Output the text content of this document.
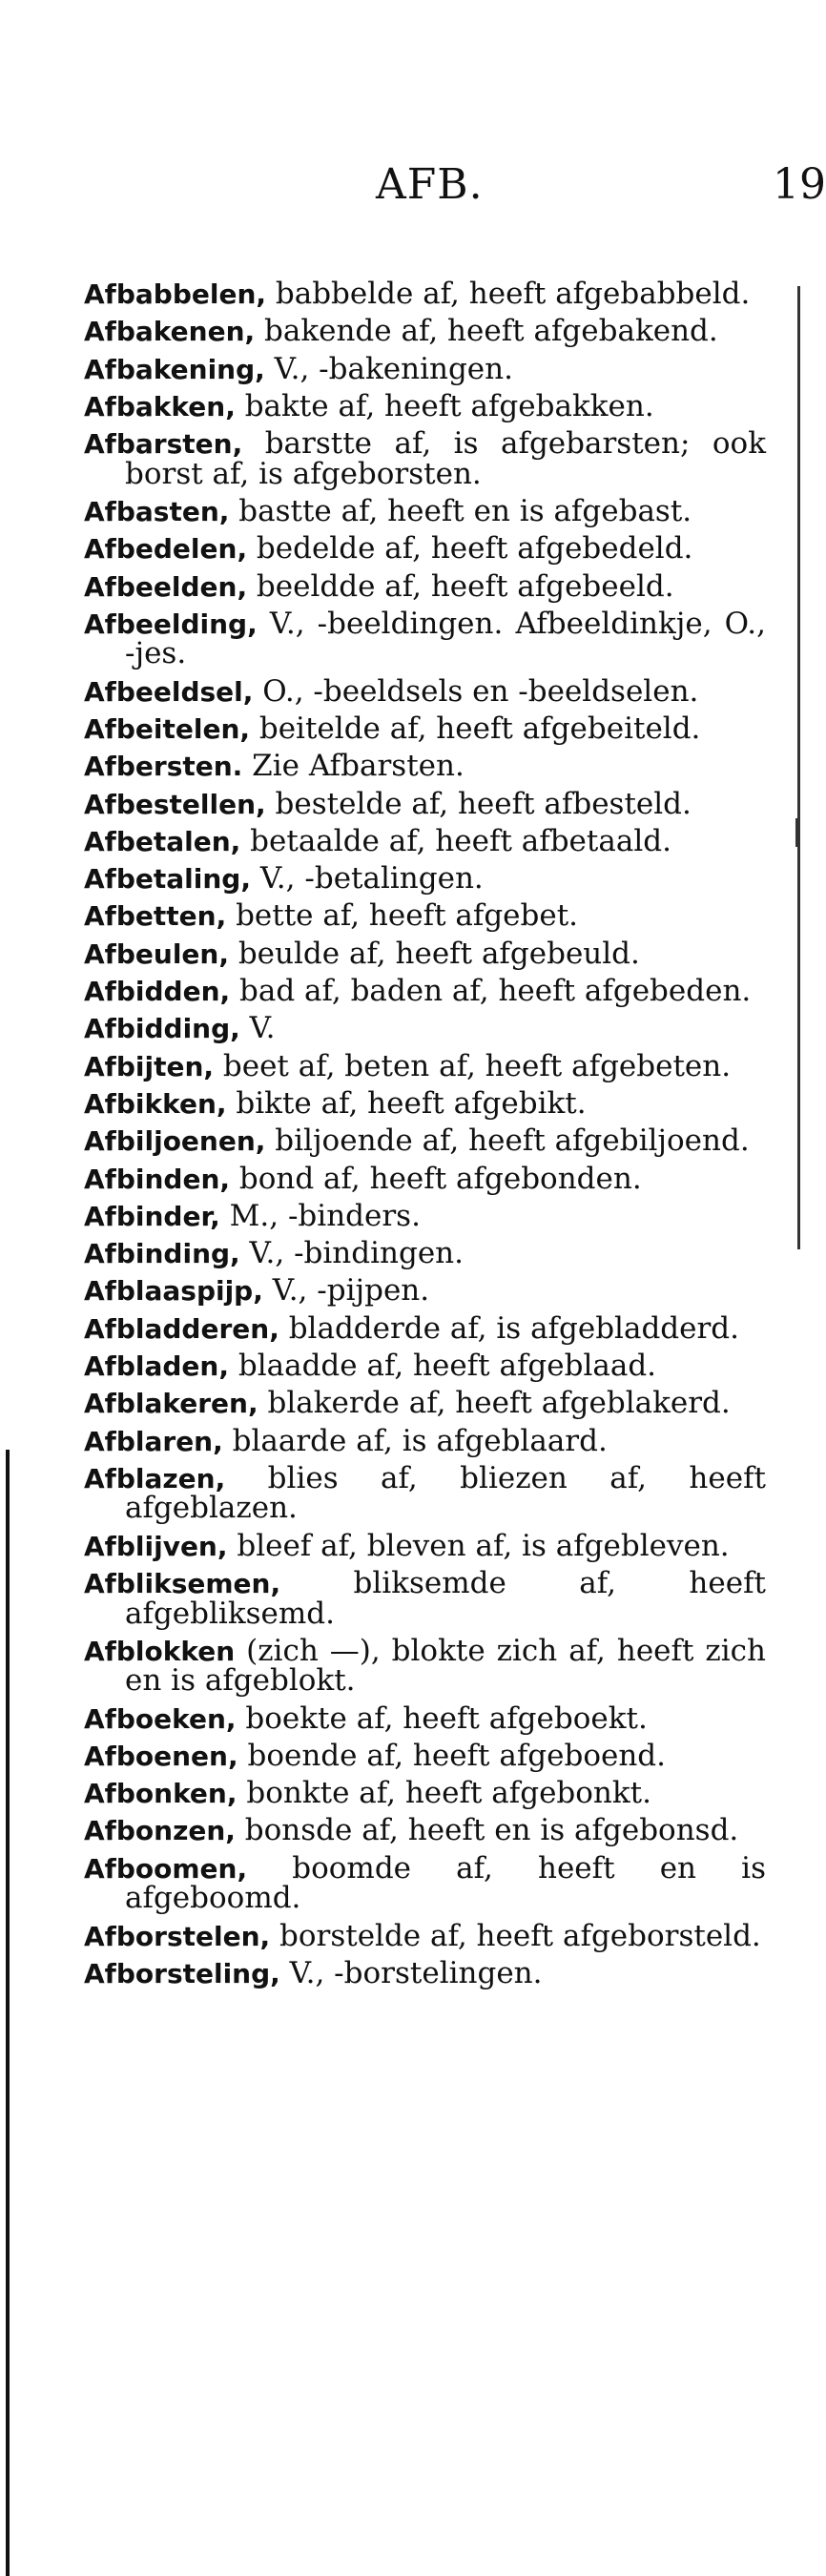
AFB.	19

Afbabbelen, babbelde af, heeft afgebabbeld.

Afbakenen, bakende af, heeft afgebakend.

Afbakening, V., -bakeningen.

Afbakken, bakte af, heeft afgebakken.

Afbarsten, barstte af, is afgebarsten; ook borst af, is afgeborsten.

Afbasten, bastte af, heeft en is afgebast.

Afbedelen, bedelde af, heeft afgebedeld.

Afbeelden, beeldde af, heeft afgebeeld.

Afbeelding, V., -beeldingen. Afbeeldinkje, O., -jes.

Afbeeldsel, O., -beeldsels en -beeldselen.

Afbeitelen, beitelde af, heeft afgebeiteld.

Afbersten. Zie Afbarsten.

Afbestellen, bestelde af, heeft afbesteld.

Afbetalen, betaalde af, heeft afbetaald.

Afbetaling, V., -betalingen.

Afbetten, bette af, heeft afgebet.

Afbeulen, beulde af, heeft afgebeuld.

Afbidden, bad af, baden af, heeft afgebeden.

Afbidding, V.

Afbijten, beet af, beten af, heeft afgebeten.

Afbikken, bikte af, heeft afgebikt.

Afbiljoenen, biljoende af, heeft afgebiljoend.

Afbinden, bond af, heeft afgebonden.

Afbinder, M., -binders.

Afbinding, V., -bindingen.

Afblaaspijp, V., -pijpen.

Afbladderen, bladderde af, is afgebladderd.

Afbladen, blaadde af, heeft afgeblaad.

Afblakeren, blakerde af, heeft afgeblakerd.

Afblaren, blaarde af, is afgeblaard.

Afblazen, blies af, bliezen af, heeft afgeblazen.

Afblijven, bleef af, bleven af, is afgebleven.

Afbliksemen, bliksemde af, heeft afgebliksemd.

Afblokken (zich —), blokte zich af, heeft zich en is afgeblokt.

Afboeken, boekte af, heeft afgeboekt.

Afboenen, boende af, heeft afgeboend.

Afbonken, bonkte af, heeft afgebonkt.

Afbonzen, bonsde af, heeft en is afgebonsd.

Afboomen, boomde af, heeft en is afgeboomd.

Afborstelen, borstelde af, heeft afgeborsteld.

Afborsteling, V., -borstelingen.
